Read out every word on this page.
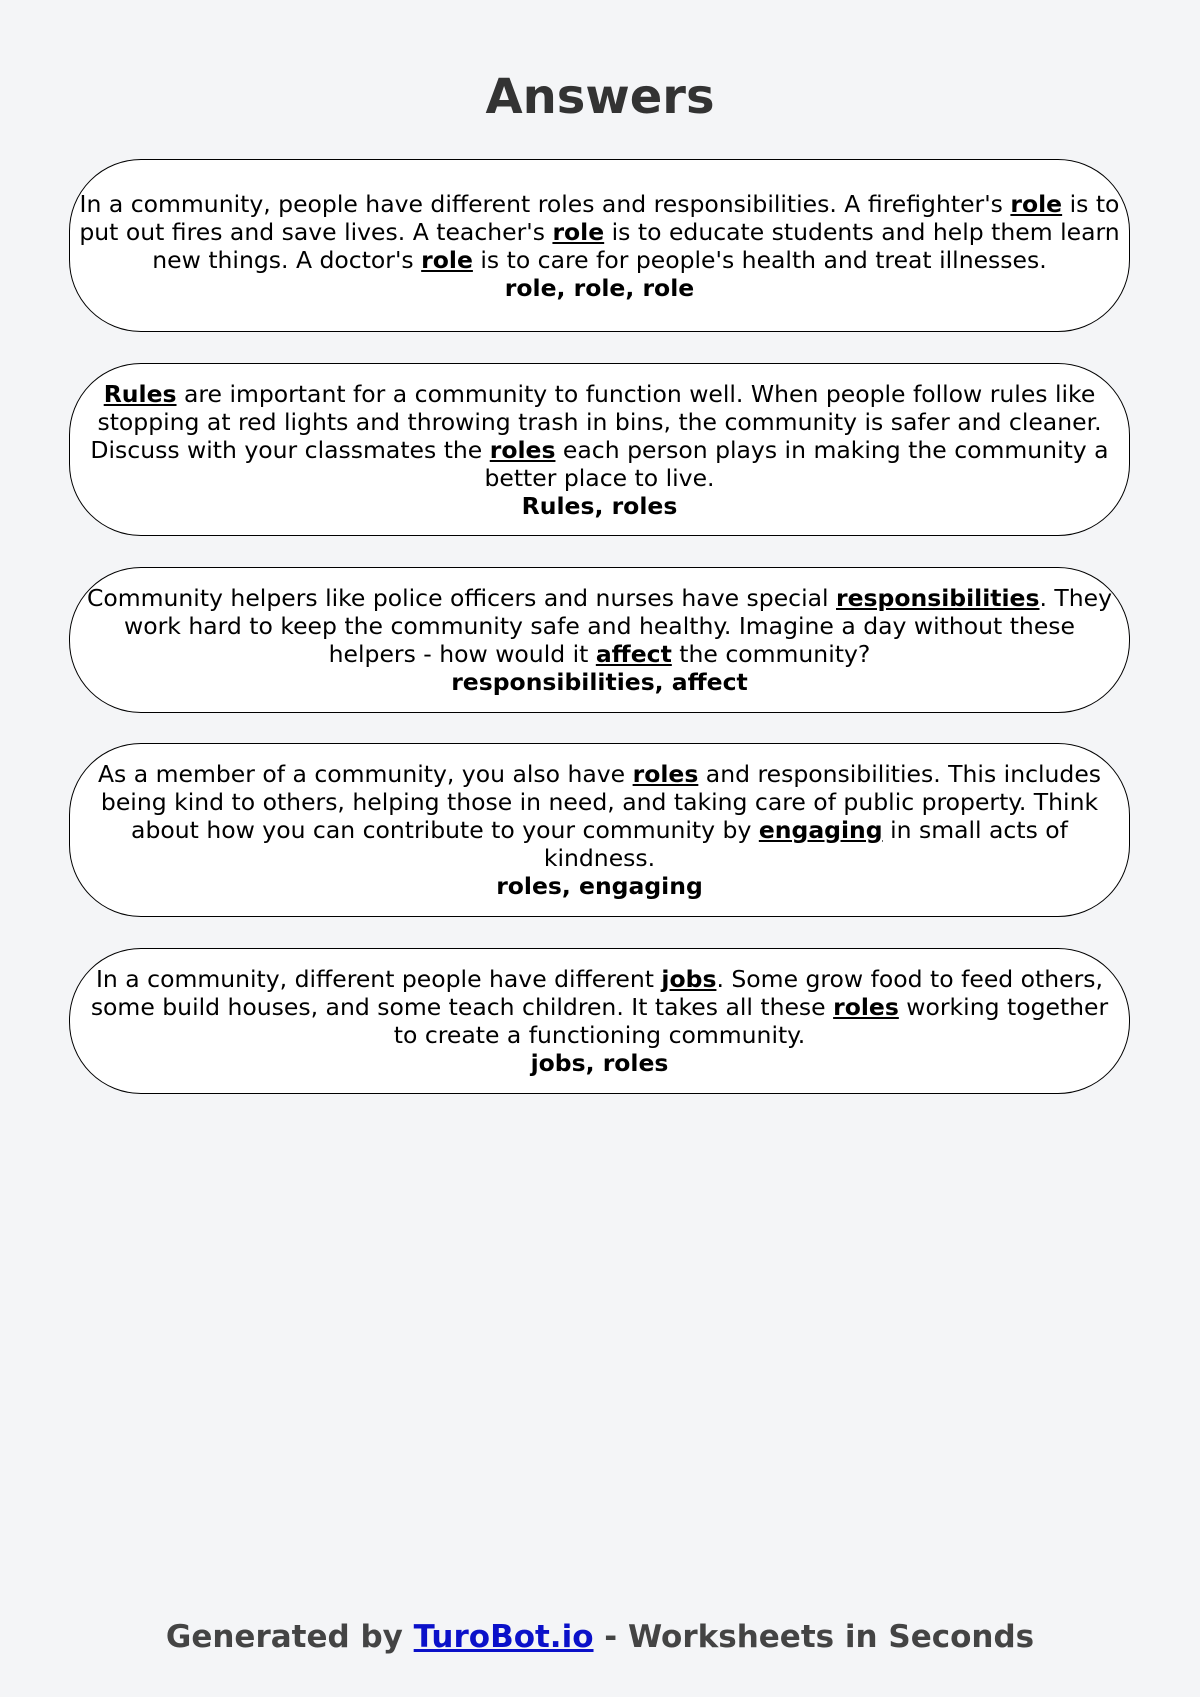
Answers

In a community, people have different roles and responsibilities. A firefighter's role is to put out fires and save lives. A teacher's role is to educate students and help them learn new things. A doctor's role is to care for people's health and treat illnesses.

role, role, role

Rules are important for a community to function well. When people follow rules like stopping at red lights and throwing trash in bins, the community is safer and cleaner. Discuss with your classmates the roles each person plays in making the community a better place to live.

Rules, roles

Community helpers like police officers and nurses have special responsibilities. They work hard to keep the community safe and healthy. Imagine a day without these helpers - how would it affect the community?

responsibilities, affect

As a member of a community, you also have roles and responsibilities. This includes being kind to others, helping those in need, and taking care of public property. Think about how you can contribute to your community by engaging in small acts of kindness.

roles, engaging

In a community, different people have different jobs. Some grow food to feed others, some build houses, and some teach children. It takes all these roles working together to create a functioning community.

jobs, roles

Generated by TuroBot.io - Worksheets in Seconds
